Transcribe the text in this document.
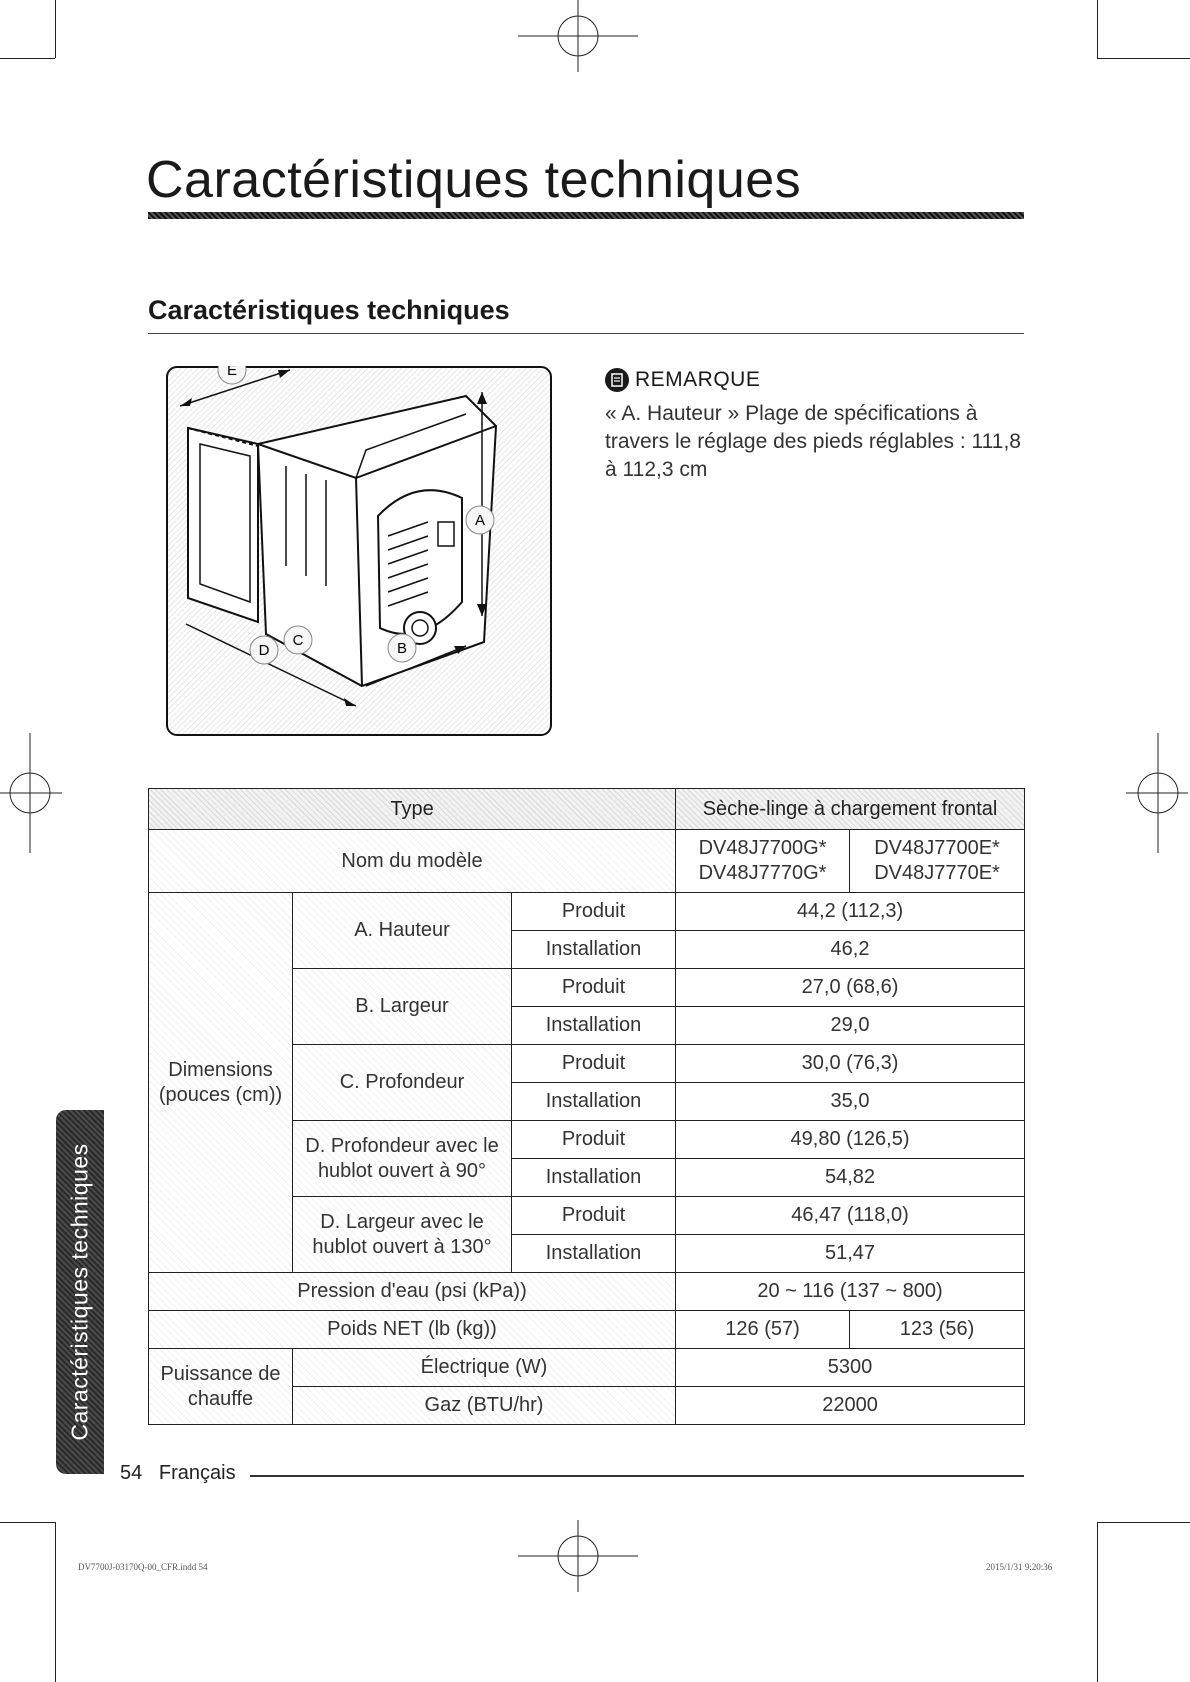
Caractéristiques techniques
Caractéristiques techniques
E
A
D
C	B
REMARQUE
« A. Hauteur » Plage de spécifications à travers le réglage des pieds réglables : 111,8 à 112,3 cm
Type			Sèche-linge à chargement frontal	
Nom du modèle			DV48J7700G* DV48J7770G*	DV48J7700E* DV48J7770E*
Dimensions (pouces (cm))	A. Hauteur	Produit	44,2 (112,3)	
		Installation	46,2	
	B. Largeur	Produit	27,0 (68,6)	
		Installation	29,0	
	C. Profondeur	Produit	30,0 (76,3)	
		Installation	35,0	
	D. Profondeur avec le hublot ouvert à 90°	Produit	49,80 (126,5)	
		Installation	54,82	
	D. Largeur avec le hublot ouvert à 130°	Produit	46,47 (118,0)	
		Installation	51,47	
Pression d'eau (psi (kPa))			20 ~ 116 (137 ~ 800)	
Poids NET (lb (kg))			126 (57)	123 (56)
Puissance de chauffe	Électrique (W)		5300	
	Gaz (BTU/hr)		22000	
Caractéristiques techniques
54 Français
DV7700J-03170Q-00_CFR.indd 54	2015/1/31 9:20:36
